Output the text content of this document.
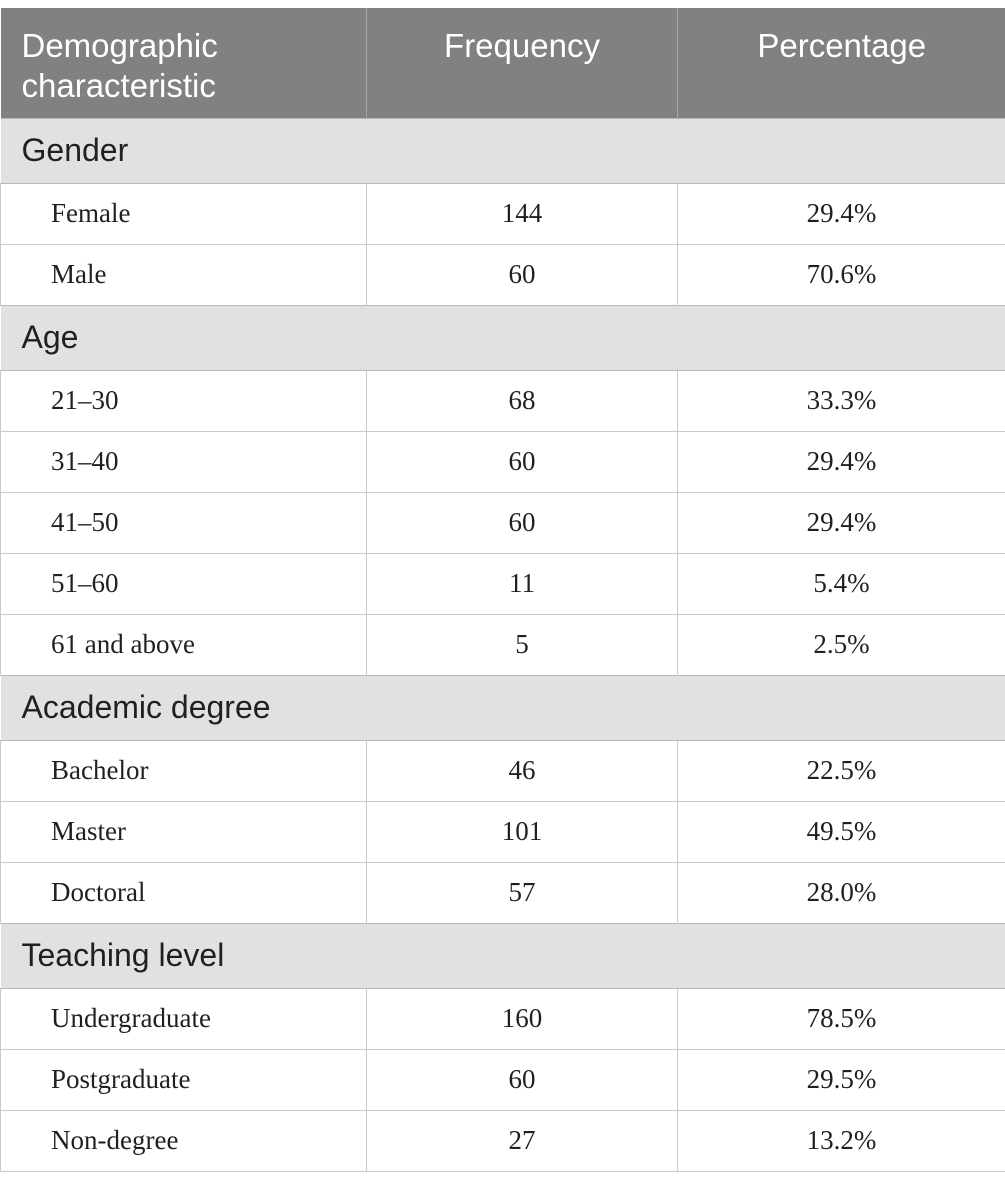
Demographic
characteristic	Frequency	Percentage
Gender		
Female	144	29.4%
Male	60	70.6%
Age		
21–30	68	33.3%
31–40	60	29.4%
41–50	60	29.4%
51–60	11	5.4%
61 and above	5	2.5%
Academic degree		
Bachelor	46	22.5%
Master	101	49.5%
Doctoral	57	28.0%
Teaching level		
Undergraduate	160	78.5%
Postgraduate	60	29.5%
Non-degree	27	13.2%
